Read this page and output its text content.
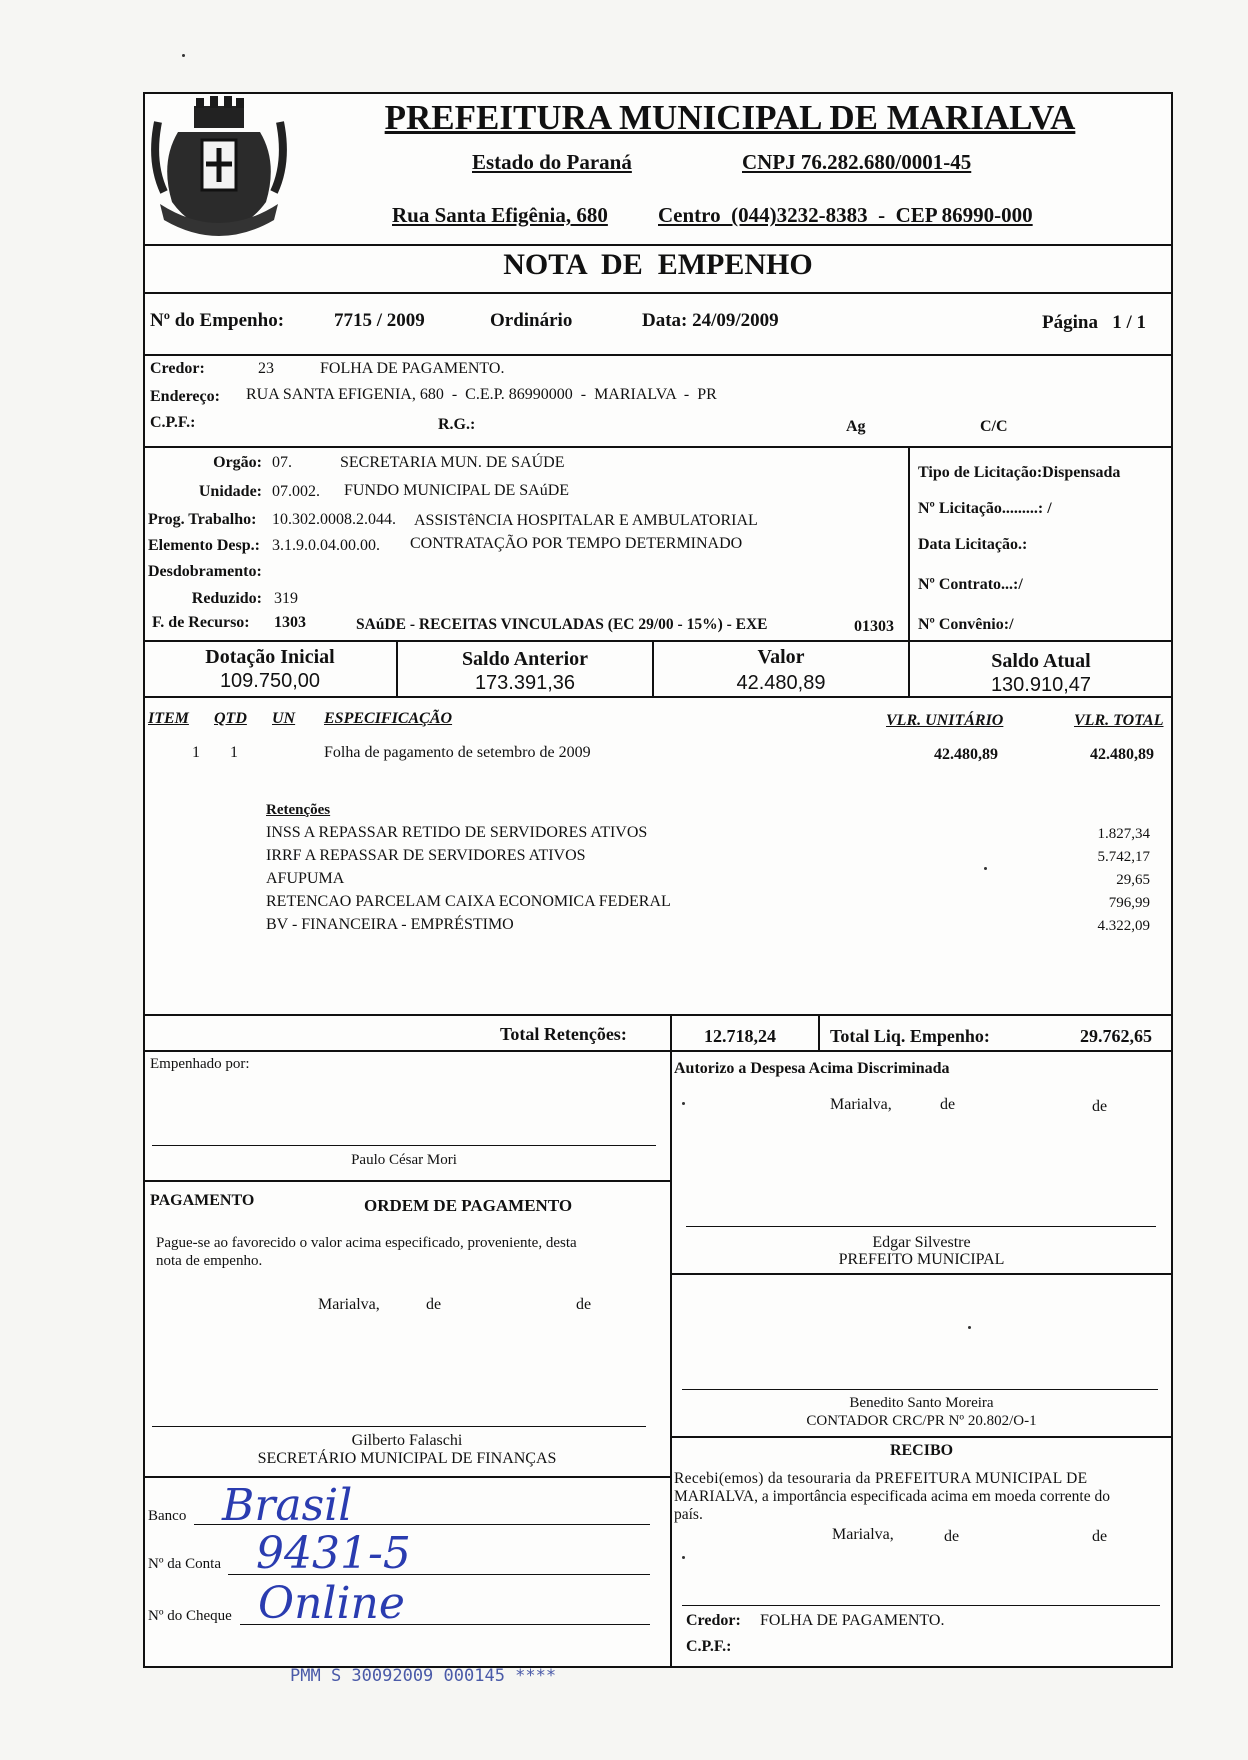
PREFEITURA MUNICIPAL DE MARIALVA
Estado do Paraná	CNPJ 76.282.680/0001-45
Rua Santa Efigênia, 680 Centro  (044)3232-8383  -  CEP 86990-000
NOTA  DE  EMPENHO
Nº do Empenho:	7715 / 2009	Ordinário	Data: 24/09/2009	Página   1 / 1
Credor:	23	FOLHA DE PAGAMENTO.
Endereço: RUA SANTA EFIGENIA, 680  -  C.E.P. 86990000  -  MARIALVA  -  PR
C.P.F.:	R.G.:	Ag	C/C
Orgão: 07.	SECRETARIA MUN. DE SAÚDE
Unidade: 07.002. FUNDO MUNICIPAL DE SAúDE
Prog. Trabalho: 10.302.0008.2.044. ASSISTêNCIA HOSPITALAR E AMBULATORIAL
Elemento Desp.: 3.1.9.0.04.00.00. CONTRATAÇÃO POR TEMPO DETERMINADO
Desdobramento:
Reduzido: 319
F. de Recurso: 1303	SAúDE - RECEITAS VINCULADAS (EC 29/00 - 15%) - EXE	01303
Tipo de Licitação:Dispensada
Nº Licitação.........: /
Data Licitação.:
Nº Contrato...:/
Nº Convênio:/
Dotação Inicial
109.750,00
Saldo Anterior
173.391,36
Valor
42.480,89
Saldo Atual
130.910,47
ITEM QTD UN ESPECIFICAÇÃO	VLR. UNITÁRIO	VLR. TOTAL
1 1	Folha de pagamento de setembro de 2009	42.480,89	42.480,89
Retenções
INSS A REPASSAR RETIDO DE SERVIDORES ATIVOS	1.827,34
IRRF A REPASSAR DE SERVIDORES ATIVOS	5.742,17
AFUPUMA	29,65
RETENCAO PARCELAM CAIXA ECONOMICA FEDERAL	796,99
BV - FINANCEIRA - EMPRÉSTIMO	4.322,09
Total Retenções:	12.718,24	Total Liq. Empenho:	29.762,65
Empenhado por:
Paulo César Mori
Autorizo a Despesa Acima Discriminada
Marialva,	de	de
Edgar Silvestre
PREFEITO MUNICIPAL
PAGAMENTO	ORDEM DE PAGAMENTO
Pague-se ao favorecido o valor acima especificado, proveniente, desta
nota de empenho.
Marialva,	de	de
Gilberto Falaschi
SECRETÁRIO MUNICIPAL DE FINANÇAS
Benedito Santo Moreira
CONTADOR CRC/PR Nº 20.802/O-1
RECIBO
Recebi(emos) da tesouraria da PREFEITURA MUNICIPAL DE
MARIALVA, a importância especificada acima em moeda corrente do
país.
Marialva,	de	de
Credor: FOLHA DE PAGAMENTO.
C.P.F.:
Banco Brasil
Nº da Conta 9431-5
Nº do Cheque Online
PMM S 30092009 000145 ****
